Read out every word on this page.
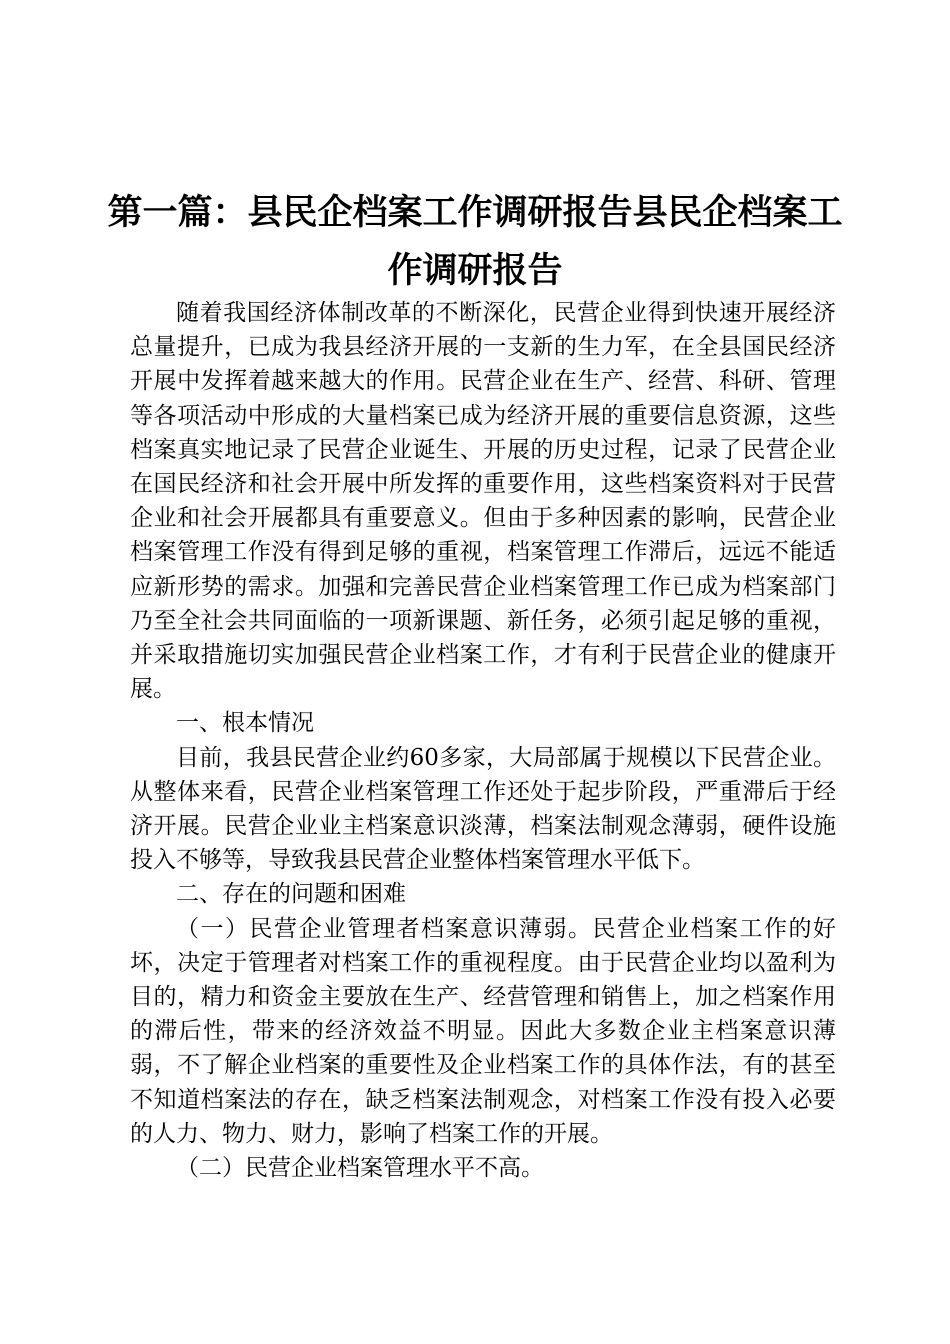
第一篇：县民企档案工作调研报告县民企档案工作调研报告

随着我国经济体制改革的不断深化，民营企业得到快速开展经济总量提升，已成为我县经济开展的一支新的生力军，在全县国民经济开展中发挥着越来越大的作用。民营企业在生产、经营、科研、管理等各项活动中形成的大量档案已成为经济开展的重要信息资源，这些档案真实地记录了民营企业诞生、开展的历史过程，记录了民营企业在国民经济和社会开展中所发挥的重要作用，这些档案资料对于民营企业和社会开展都具有重要意义。但由于多种因素的影响，民营企业档案管理工作没有得到足够的重视，档案管理工作滞后，远远不能适应新形势的需求。加强和完善民营企业档案管理工作已成为档案部门乃至全社会共同面临的一项新课题、新任务，必须引起足够的重视，并采取措施切实加强民营企业档案工作，才有利于民营企业的健康开展。

一、根本情况

目前，我县民营企业约60多家，大局部属于规模以下民营企业。从整体来看，民营企业档案管理工作还处于起步阶段，严重滞后于经济开展。民营企业业主档案意识淡薄，档案法制观念薄弱，硬件设施投入不够等，导致我县民营企业整体档案管理水平低下。

二、存在的问题和困难

（一）民营企业管理者档案意识薄弱。民营企业档案工作的好坏，决定于管理者对档案工作的重视程度。由于民营企业均以盈利为目的，精力和资金主要放在生产、经营管理和销售上，加之档案作用的滞后性，带来的经济效益不明显。因此大多数企业主档案意识薄弱，不了解企业档案的重要性及企业档案工作的具体作法，有的甚至不知道档案法的存在，缺乏档案法制观念，对档案工作没有投入必要的人力、物力、财力，影响了档案工作的开展。

（二）民营企业档案管理水平不高。
